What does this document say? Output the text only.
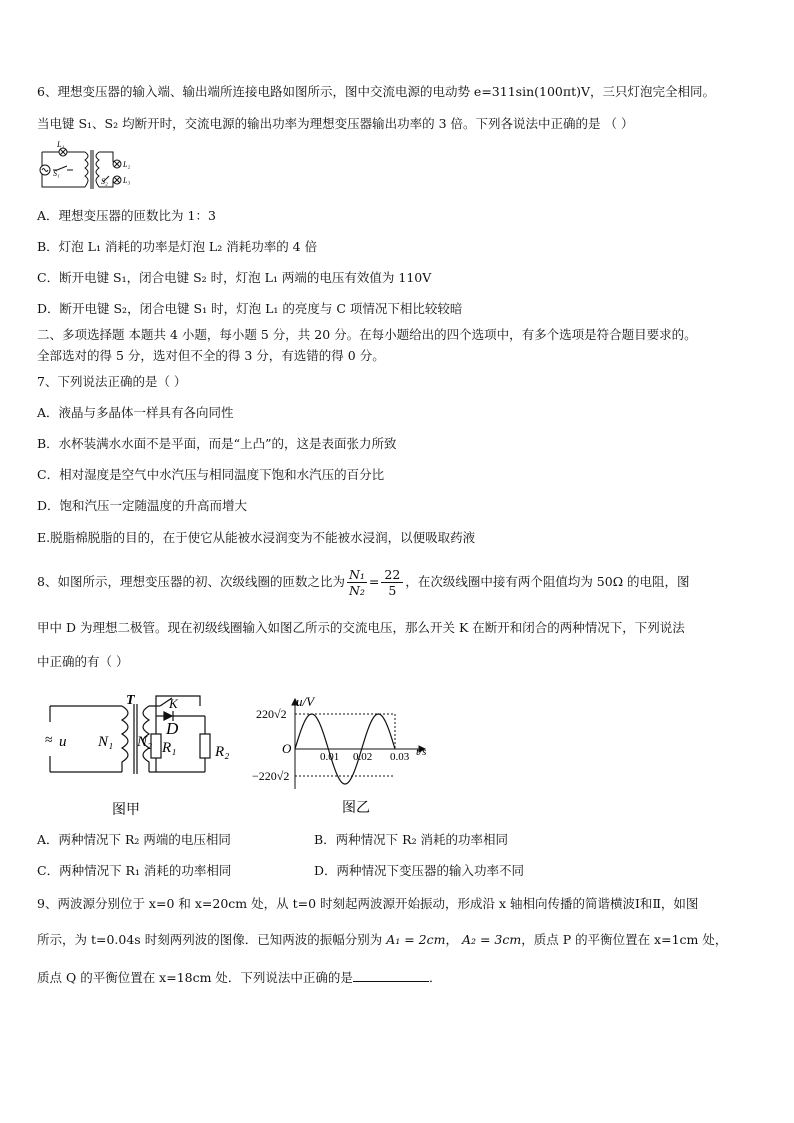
6、理想变压器的输入端、输出端所连接电路如图所示，图中交流电源的电动势 e=311sin(100πt)V，三只灯泡完全相同。
当电键 S₁、S₂ 均断开时，交流电源的输出功率为理想变压器输出功率的 3 倍。下列各说法中正确的是 （ ）
L₁
S₁
L₂
L₃
S₂
A．理想变压器的匝数比为 1：3
B．灯泡 L₁ 消耗的功率是灯泡 L₂ 消耗功率的 4 倍
C．断开电键 S₁，闭合电键 S₂ 时，灯泡 L₁ 两端的电压有效值为 110V
D．断开电键 S₂，闭合电键 S₁ 时，灯泡 L₁ 的亮度与 C 项情况下相比较较暗
二、多项选择题 本题共 4 小题，每小题 5 分，共 20 分。在每小题给出的四个选项中，有多个选项是符合题目要求的。
全部选对的得 5 分，选对但不全的得 3 分，有选错的得 0 分。
7、下列说法正确的是（ ）
A．液晶与多晶体一样具有各向同性
B．水杯装满水水面不是平面，而是“上凸”的，这是表面张力所致
C．相对湿度是空气中水汽压与相同温度下饱和水汽压的百分比
D．饱和汽压一定随温度的升高而增大
E.脱脂棉脱脂的目的，在于使它从能被水浸润变为不能被水浸润，以便吸取药液
8、如图所示，理想变压器的初、次级线圈的匝数之比为 $\frac{\text{N₁}}{\text{N₂}} = \frac{22}{5}$ ，在次级线圈中接有两个阻值均为 50Ω 的电阻，图
甲中 D 为理想二极管。现在初级线圈输入如图乙所示的交流电压，那么开关 K 在断开和闭合的两种情况下，下列说法
中正确的有（ ）
≈ u N₁
T
N₂
K
D
R₁	R₂
图甲
u/V
220√2
−220√2
O
0.01 0.02 0.03 t/s
图乙
A．两种情况下 R₂ 两端的电压相同	B．两种情况下 R₂ 消耗的功率相同
C．两种情况下 R₁ 消耗的功率相同	D．两种情况下变压器的输入功率不同
9、两波源分别位于 x=0 和 x=20cm 处，从 t=0 时刻起两波源开始振动，形成沿 x 轴相向传播的简谐横波Ⅰ和Ⅱ，如图
所示，为 t=0.04s 时刻两列波的图像．已知两波的振幅分别为 A₁ = 2cm， A₂ = 3cm，质点 P 的平衡位置在 x=1cm 处，
质点 Q 的平衡位置在 x=18cm 处．下列说法中正确的是	．
